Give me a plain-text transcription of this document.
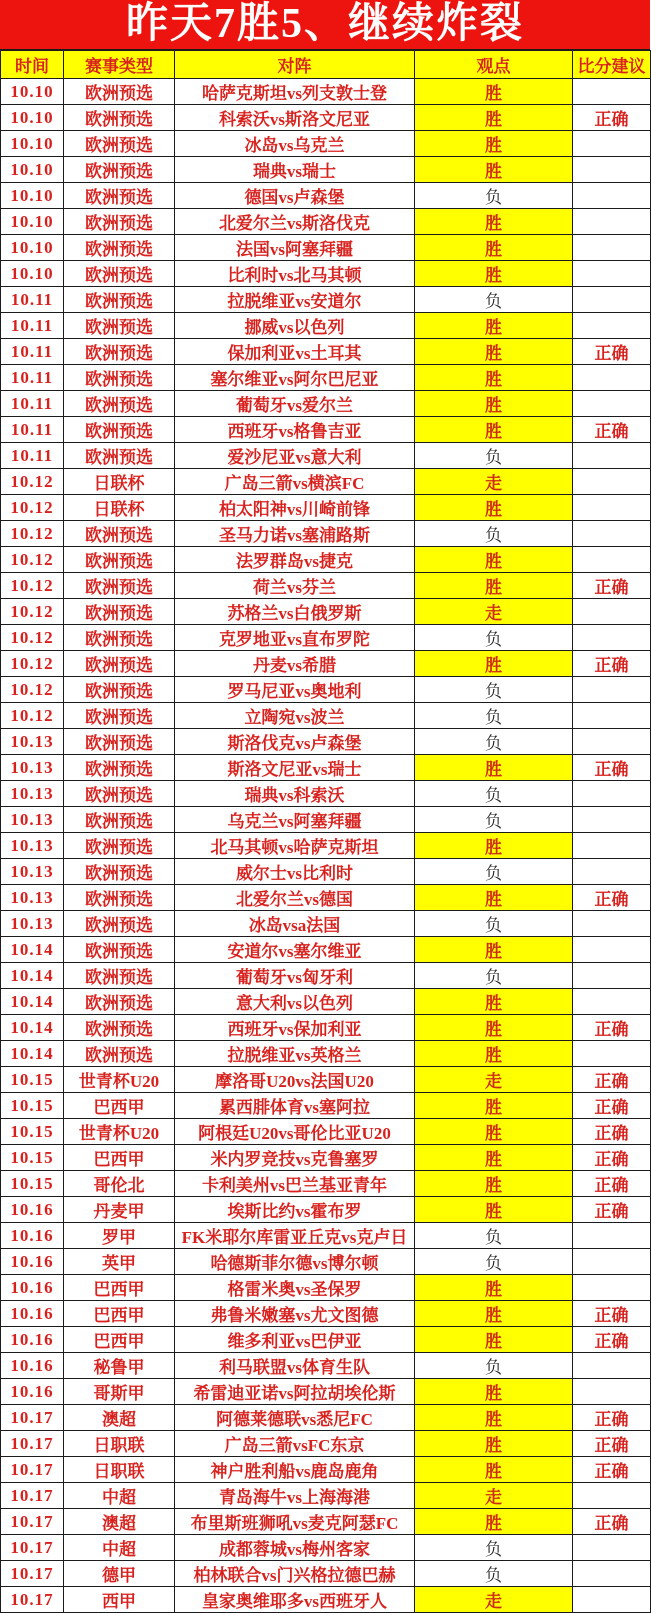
昨天7胜5、继续炸裂
时间	赛事类型	对阵	观点	比分建议
10.10	欧洲预选	哈萨克斯坦vs列支敦士登	胜	
10.10	欧洲预选	科索沃vs斯洛文尼亚	胜	正确
10.10	欧洲预选	冰岛vs乌克兰	胜	
10.10	欧洲预选	瑞典vs瑞士	胜	
10.10	欧洲预选	德国vs卢森堡	负	
10.10	欧洲预选	北爱尔兰vs斯洛伐克	胜	
10.10	欧洲预选	法国vs阿塞拜疆	胜	
10.10	欧洲预选	比利时vs北马其顿	胜	
10.11	欧洲预选	拉脱维亚vs安道尔	负	
10.11	欧洲预选	挪威vs以色列	胜	
10.11	欧洲预选	保加利亚vs土耳其	胜	正确
10.11	欧洲预选	塞尔维亚vs阿尔巴尼亚	胜	
10.11	欧洲预选	葡萄牙vs爱尔兰	胜	
10.11	欧洲预选	西班牙vs格鲁吉亚	胜	正确
10.11	欧洲预选	爱沙尼亚vs意大利	负	
10.12	日联杯	广岛三箭vs横滨FC	走	
10.12	日联杯	柏太阳神vs川崎前锋	胜	
10.12	欧洲预选	圣马力诺vs塞浦路斯	负	
10.12	欧洲预选	法罗群岛vs捷克	胜	
10.12	欧洲预选	荷兰vs芬兰	胜	正确
10.12	欧洲预选	苏格兰vs白俄罗斯	走	
10.12	欧洲预选	克罗地亚vs直布罗陀	负	
10.12	欧洲预选	丹麦vs希腊	胜	正确
10.12	欧洲预选	罗马尼亚vs奥地利	负	
10.12	欧洲预选	立陶宛vs波兰	负	
10.13	欧洲预选	斯洛伐克vs卢森堡	负	
10.13	欧洲预选	斯洛文尼亚vs瑞士	胜	正确
10.13	欧洲预选	瑞典vs科索沃	负	
10.13	欧洲预选	乌克兰vs阿塞拜疆	负	
10.13	欧洲预选	北马其顿vs哈萨克斯坦	胜	
10.13	欧洲预选	威尔士vs比利时	负	
10.13	欧洲预选	北爱尔兰vs德国	胜	正确
10.13	欧洲预选	冰岛vsa法国	负	
10.14	欧洲预选	安道尔vs塞尔维亚	胜	
10.14	欧洲预选	葡萄牙vs匈牙利	负	
10.14	欧洲预选	意大利vs以色列	胜	
10.14	欧洲预选	西班牙vs保加利亚	胜	正确
10.14	欧洲预选	拉脱维亚vs英格兰	胜	
10.15	世青杯U20	摩洛哥U20vs法国U20	走	正确
10.15	巴西甲	累西腓体育vs塞阿拉	胜	正确
10.15	世青杯U20	阿根廷U20vs哥伦比亚U20	胜	正确
10.15	巴西甲	米内罗竞技vs克鲁塞罗	胜	正确
10.15	哥伦北	卡利美州vs巴兰基亚青年	胜	正确
10.16	丹麦甲	埃斯比约vs霍布罗	胜	正确
10.16	罗甲	FK米耶尔库雷亚丘克vs克卢日	负	
10.16	英甲	哈德斯菲尔德vs博尔顿	负	
10.16	巴西甲	格雷米奥vs圣保罗	胜	
10.16	巴西甲	弗鲁米嫩塞vs尤文图德	胜	正确
10.16	巴西甲	维多利亚vs巴伊亚	胜	正确
10.16	秘鲁甲	利马联盟vs体育生队	负	
10.16	哥斯甲	希雷迪亚诺vs阿拉胡埃伦斯	胜	
10.17	澳超	阿德莱德联vs悉尼FC	胜	正确
10.17	日职联	广岛三箭vsFC东京	胜	正确
10.17	日职联	神户胜利船vs鹿岛鹿角	胜	正确
10.17	中超	青岛海牛vs上海海港	走	
10.17	澳超	布里斯班狮吼vs麦克阿瑟FC	胜	正确
10.17	中超	成都蓉城vs梅州客家	负	
10.17	德甲	柏林联合vs门兴格拉德巴赫	负	
10.17	西甲	皇家奥维耶多vs西班牙人	走	
